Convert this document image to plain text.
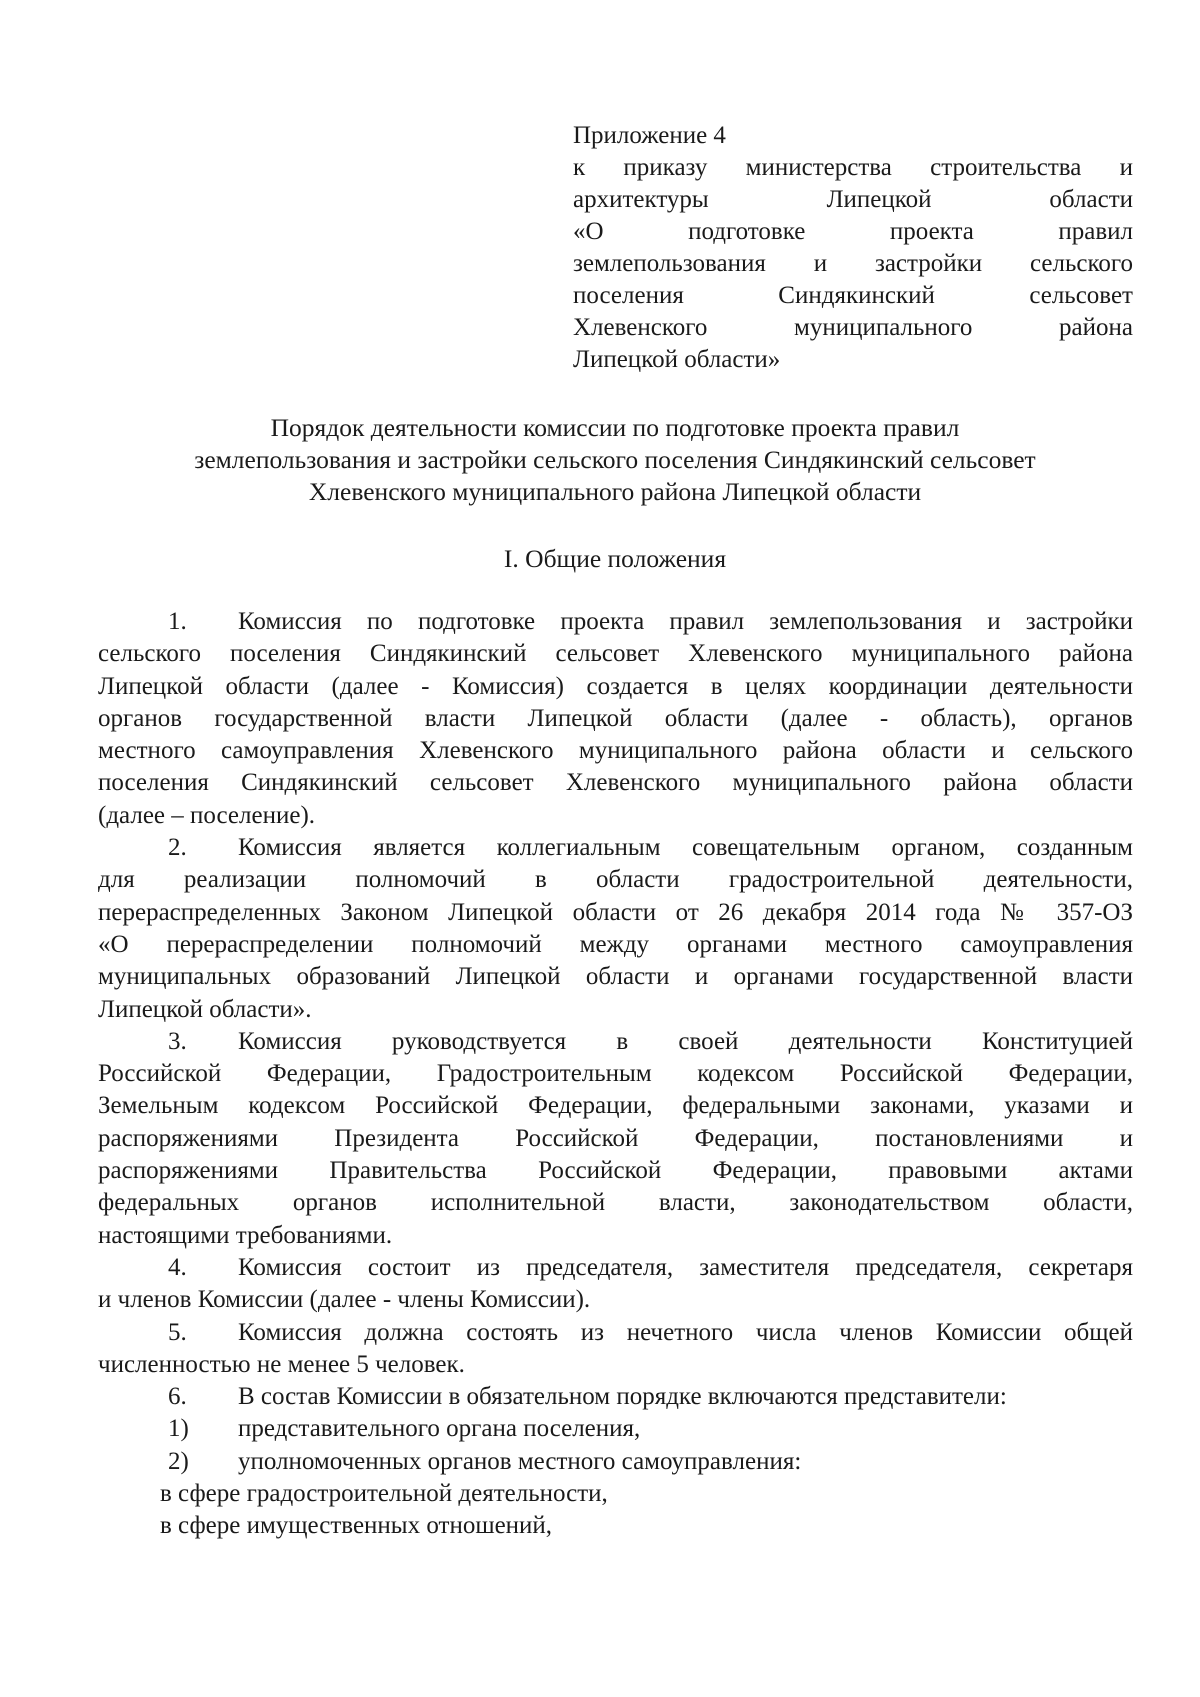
Приложение 4
к приказу министерства строительства и
архитектуры Липецкой области
«О подготовке проекта правил
землепользования и застройки сельского
поселения Синдякинский сельсовет
Хлевенского муниципального района
Липецкой области»
Порядок деятельности комиссии по подготовке проекта правил
землепользования и застройки сельского поселения Синдякинский сельсовет
Хлевенского муниципального района Липецкой области
I. Общие положения
1. Комиссия по подготовке проекта правил землепользования и застройки
сельского поселения Синдякинский сельсовет Хлевенского муниципального района
Липецкой области (далее - Комиссия) создается в целях координации деятельности
органов государственной власти Липецкой области (далее - область), органов
местного самоуправления Хлевенского муниципального района области и сельского
поселения Синдякинский сельсовет Хлевенского муниципального района области
(далее – поселение).
2. Комиссия является коллегиальным совещательным органом, созданным
для реализации полномочий в области градостроительной деятельности,
перераспределенных Законом Липецкой области от 26 декабря 2014 года № 357-ОЗ
«О перераспределении полномочий между органами местного самоуправления
муниципальных образований Липецкой области и органами государственной власти
Липецкой области».
3. Комиссия руководствуется в своей деятельности Конституцией
Российской Федерации, Градостроительным кодексом Российской Федерации,
Земельным кодексом Российской Федерации, федеральными законами, указами и
распоряжениями Президента Российской Федерации, постановлениями и
распоряжениями Правительства Российской Федерации, правовыми актами
федеральных органов исполнительной власти, законодательством области,
настоящими требованиями.
4. Комиссия состоит из председателя, заместителя председателя, секретаря
и членов Комиссии (далее - члены Комиссии).
5. Комиссия должна состоять из нечетного числа членов Комиссии общей
численностью не менее 5 человек.
6. В состав Комиссии в обязательном порядке включаются представители:
1) представительного органа поселения,
2) уполномоченных органов местного самоуправления:
в сфере градостроительной деятельности,
в сфере имущественных отношений,
